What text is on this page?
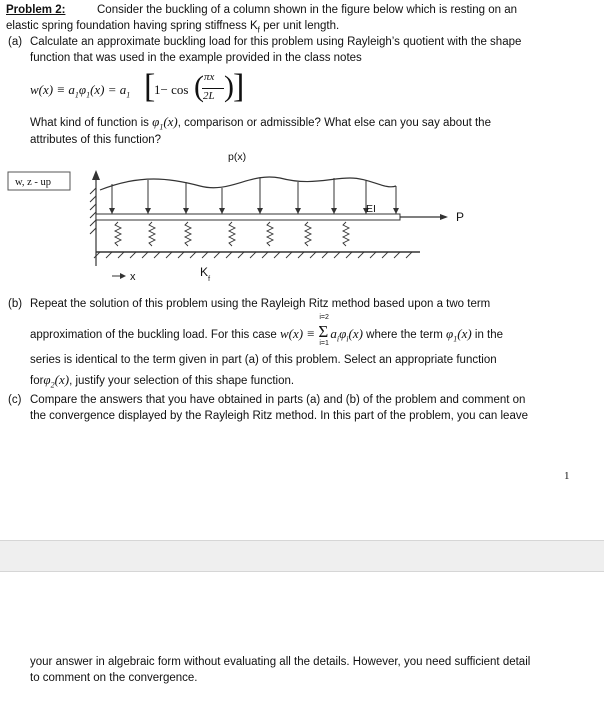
Problem 2:	Consider the buckling of a column shown in the figure below which is resting on an
elastic spring foundation having spring stiffness $K_f$ per unit length.
(a) Calculate an approximate buckling load for this problem using Rayleigh’s quotient with the shape
function that was used in the example provided in the class notes
$w(x) \equiv a_1\varphi_1(x) = a_1$ [
1− cos ( πx
2L ) ]
What kind of function is $\varphi_1(x)$, comparison or admissible? What else can you say about the
attributes of this function?
p(x)
w, z - up
EI
P
x	K f
(b) Repeat the solution of this problem using the Rayleigh Ritz method based upon a two term
approximation of the buckling load. For this case w(x) ≡
i=2
Σ
i=1
$a_i\varphi_i(x)$ where the term $\varphi_1(x)$ in the
series is identical to the term given in part (a) of this problem. Select an appropriate function
forφ$_2$(x), justify your selection of this shape function.
(c) Compare the answers that you have obtained in parts (a) and (b) of the problem and comment on
the convergence displayed by the Rayleigh Ritz method. In this part of the problem, you can leave
1
your answer in algebraic form without evaluating all the details. However, you need sufficient detail
to comment on the convergence.
